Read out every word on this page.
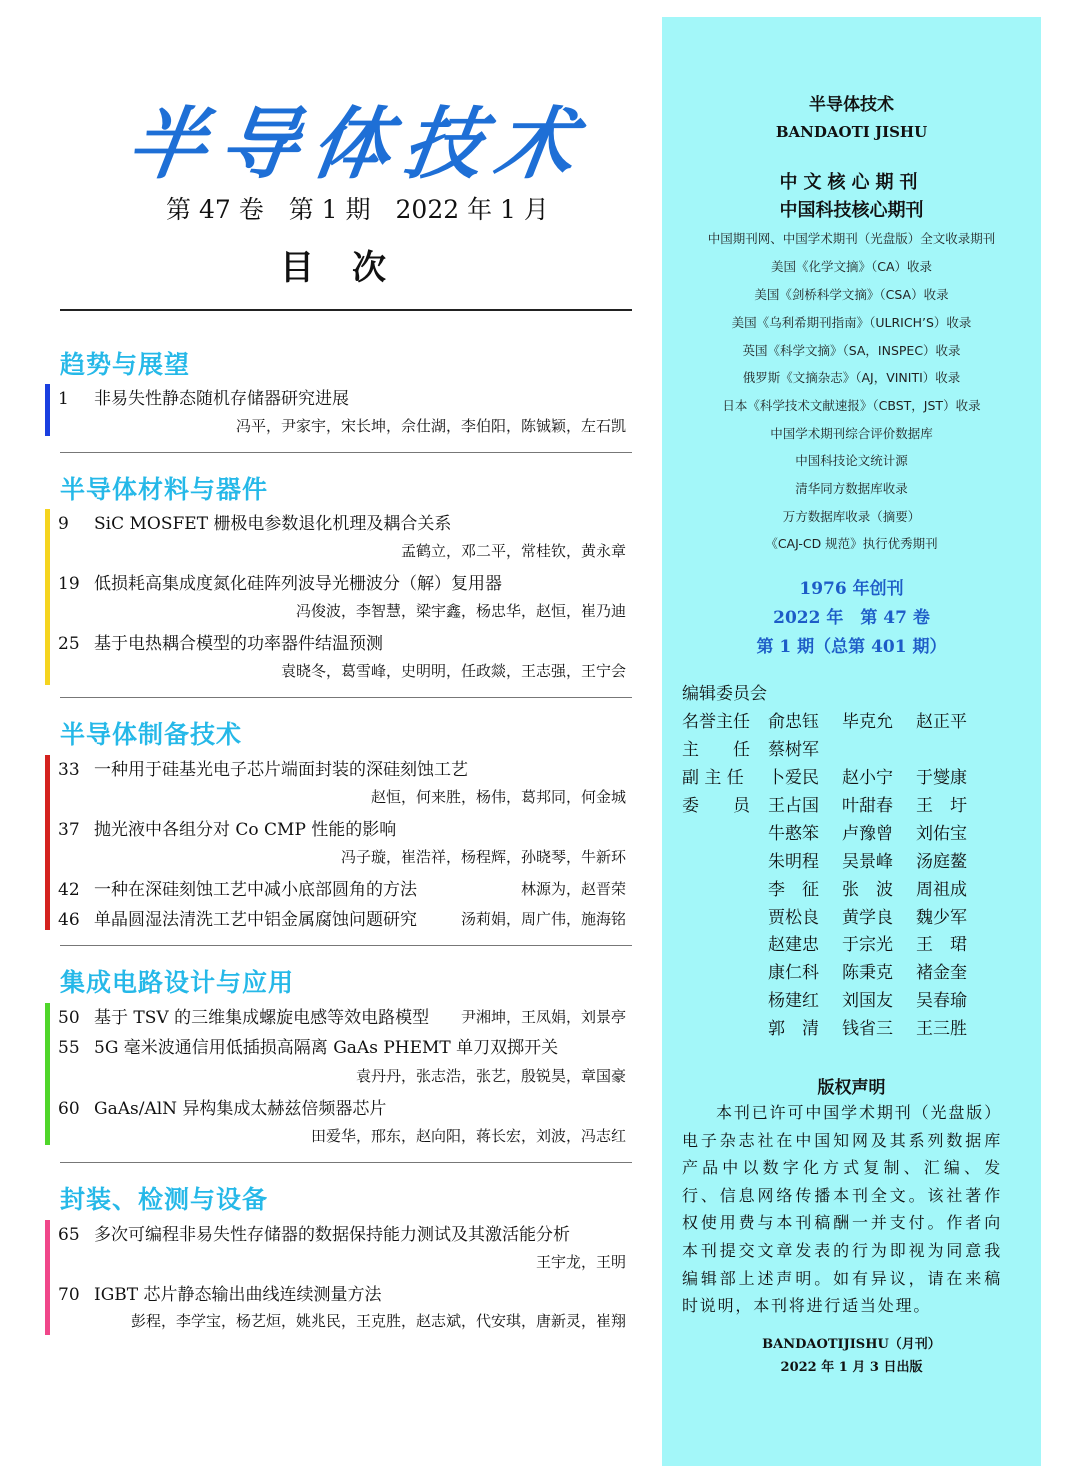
半导体技术
第 47 卷　第 1 期　2022 年 1 月
目次
趋势与展望
1 非易失性静态随机存储器研究进展
冯平，尹家宇，宋长坤，佘仕湖，李伯阳，陈铖颖，左石凯
半导体材料与器件
9 SiC MOSFET 栅极电参数退化机理及耦合关系
孟鹤立，邓二平，常桂钦，黄永章
19 低损耗高集成度氮化硅阵列波导光栅波分（解）复用器
冯俊波，李智慧，梁宇鑫，杨忠华，赵恒，崔乃迪
25 基于电热耦合模型的功率器件结温预测
袁晓冬，葛雪峰，史明明，任政燚，王志强，王宁会
半导体制备技术
33 一种用于硅基光电子芯片端面封装的深硅刻蚀工艺
赵恒，何来胜，杨伟，葛邦同，何金城
37 抛光液中各组分对 Co CMP 性能的影响
冯子璇，崔浩祥，杨程辉，孙晓琴，牛新环
42 一种在深硅刻蚀工艺中减小底部圆角的方法	林源为，赵晋荣
46 单晶圆湿法清洗工艺中铝金属腐蚀问题研究	汤莉娟，周广伟，施海铭
集成电路设计与应用
50 基于 TSV 的三维集成螺旋电感等效电路模型 尹湘坤，王凤娟，刘景亭
55 5G 毫米波通信用低插损高隔离 GaAs PHEMT 单刀双掷开关
袁丹丹，张志浩，张艺，殷锐昊，章国豪
60 GaAs/AlN 异构集成太赫兹倍频器芯片
田爱华，邢东，赵向阳，蒋长宏，刘波，冯志红
封装、检测与设备
65 多次可编程非易失性存储器的数据保持能力测试及其激活能分析
王宇龙，王明
70 IGBT 芯片静态输出曲线连续测量方法
彭程，李学宝，杨艺烜，姚兆民，王克胜，赵志斌，代安琪，唐新灵，崔翔
半导体技术
BANDAOTI JISHU
中文核心期刊
中国科技核心期刊
中国期刊网、中国学术期刊（光盘版）全文收录期刊
美国《化学文摘》（CA）收录
美国《剑桥科学文摘》（CSA）收录
美国《乌利希期刊指南》（ULRICH’S）收录
英国《科学文摘》（SA，INSPEC）收录
俄罗斯《文摘杂志》（AJ，VINITI）收录
日本《科学技术文献速报》（CBST，JST）收录
中国学术期刊综合评价数据库
中国科技论文统计源
清华同方数据库收录
万方数据库收录（摘要）
《CAJ-CD 规范》执行优秀期刊
1976 年创刊
2022 年　第 47 卷
第 1 期（总第 401 期）
编辑委员会
名誉主任 俞忠钰 毕克允 赵正平
主　　任 蔡树军
副 主 任 卜爱民 赵小宁 于燮康
委　　员 王占国 叶甜春 王　圩
牛憨笨 卢豫曾 刘佑宝
朱明程 吴景峰 汤庭鳌
李　征 张　波 周祖成
贾松良 黄学良 魏少军
赵建忠 于宗光 王　珺
康仁科 陈秉克 褚金奎
杨建红 刘国友 吴春瑜
郭　清 钱省三 王三胜
版权声明
本刊已许可中国学术期刊（光盘版）电子杂志社在中国知网及其系列数据库产品中以数字化方式复制、汇编、发行、信息网络传播本刊全文。该社著作权使用费与本刊稿酬一并支付。作者向本刊提交文章发表的行为即视为同意我编辑部上述声明。如有异议，请在来稿时说明，本刊将进行适当处理。
BANDAOTIJISHU（月刊）
2022 年 1 月 3 日出版
